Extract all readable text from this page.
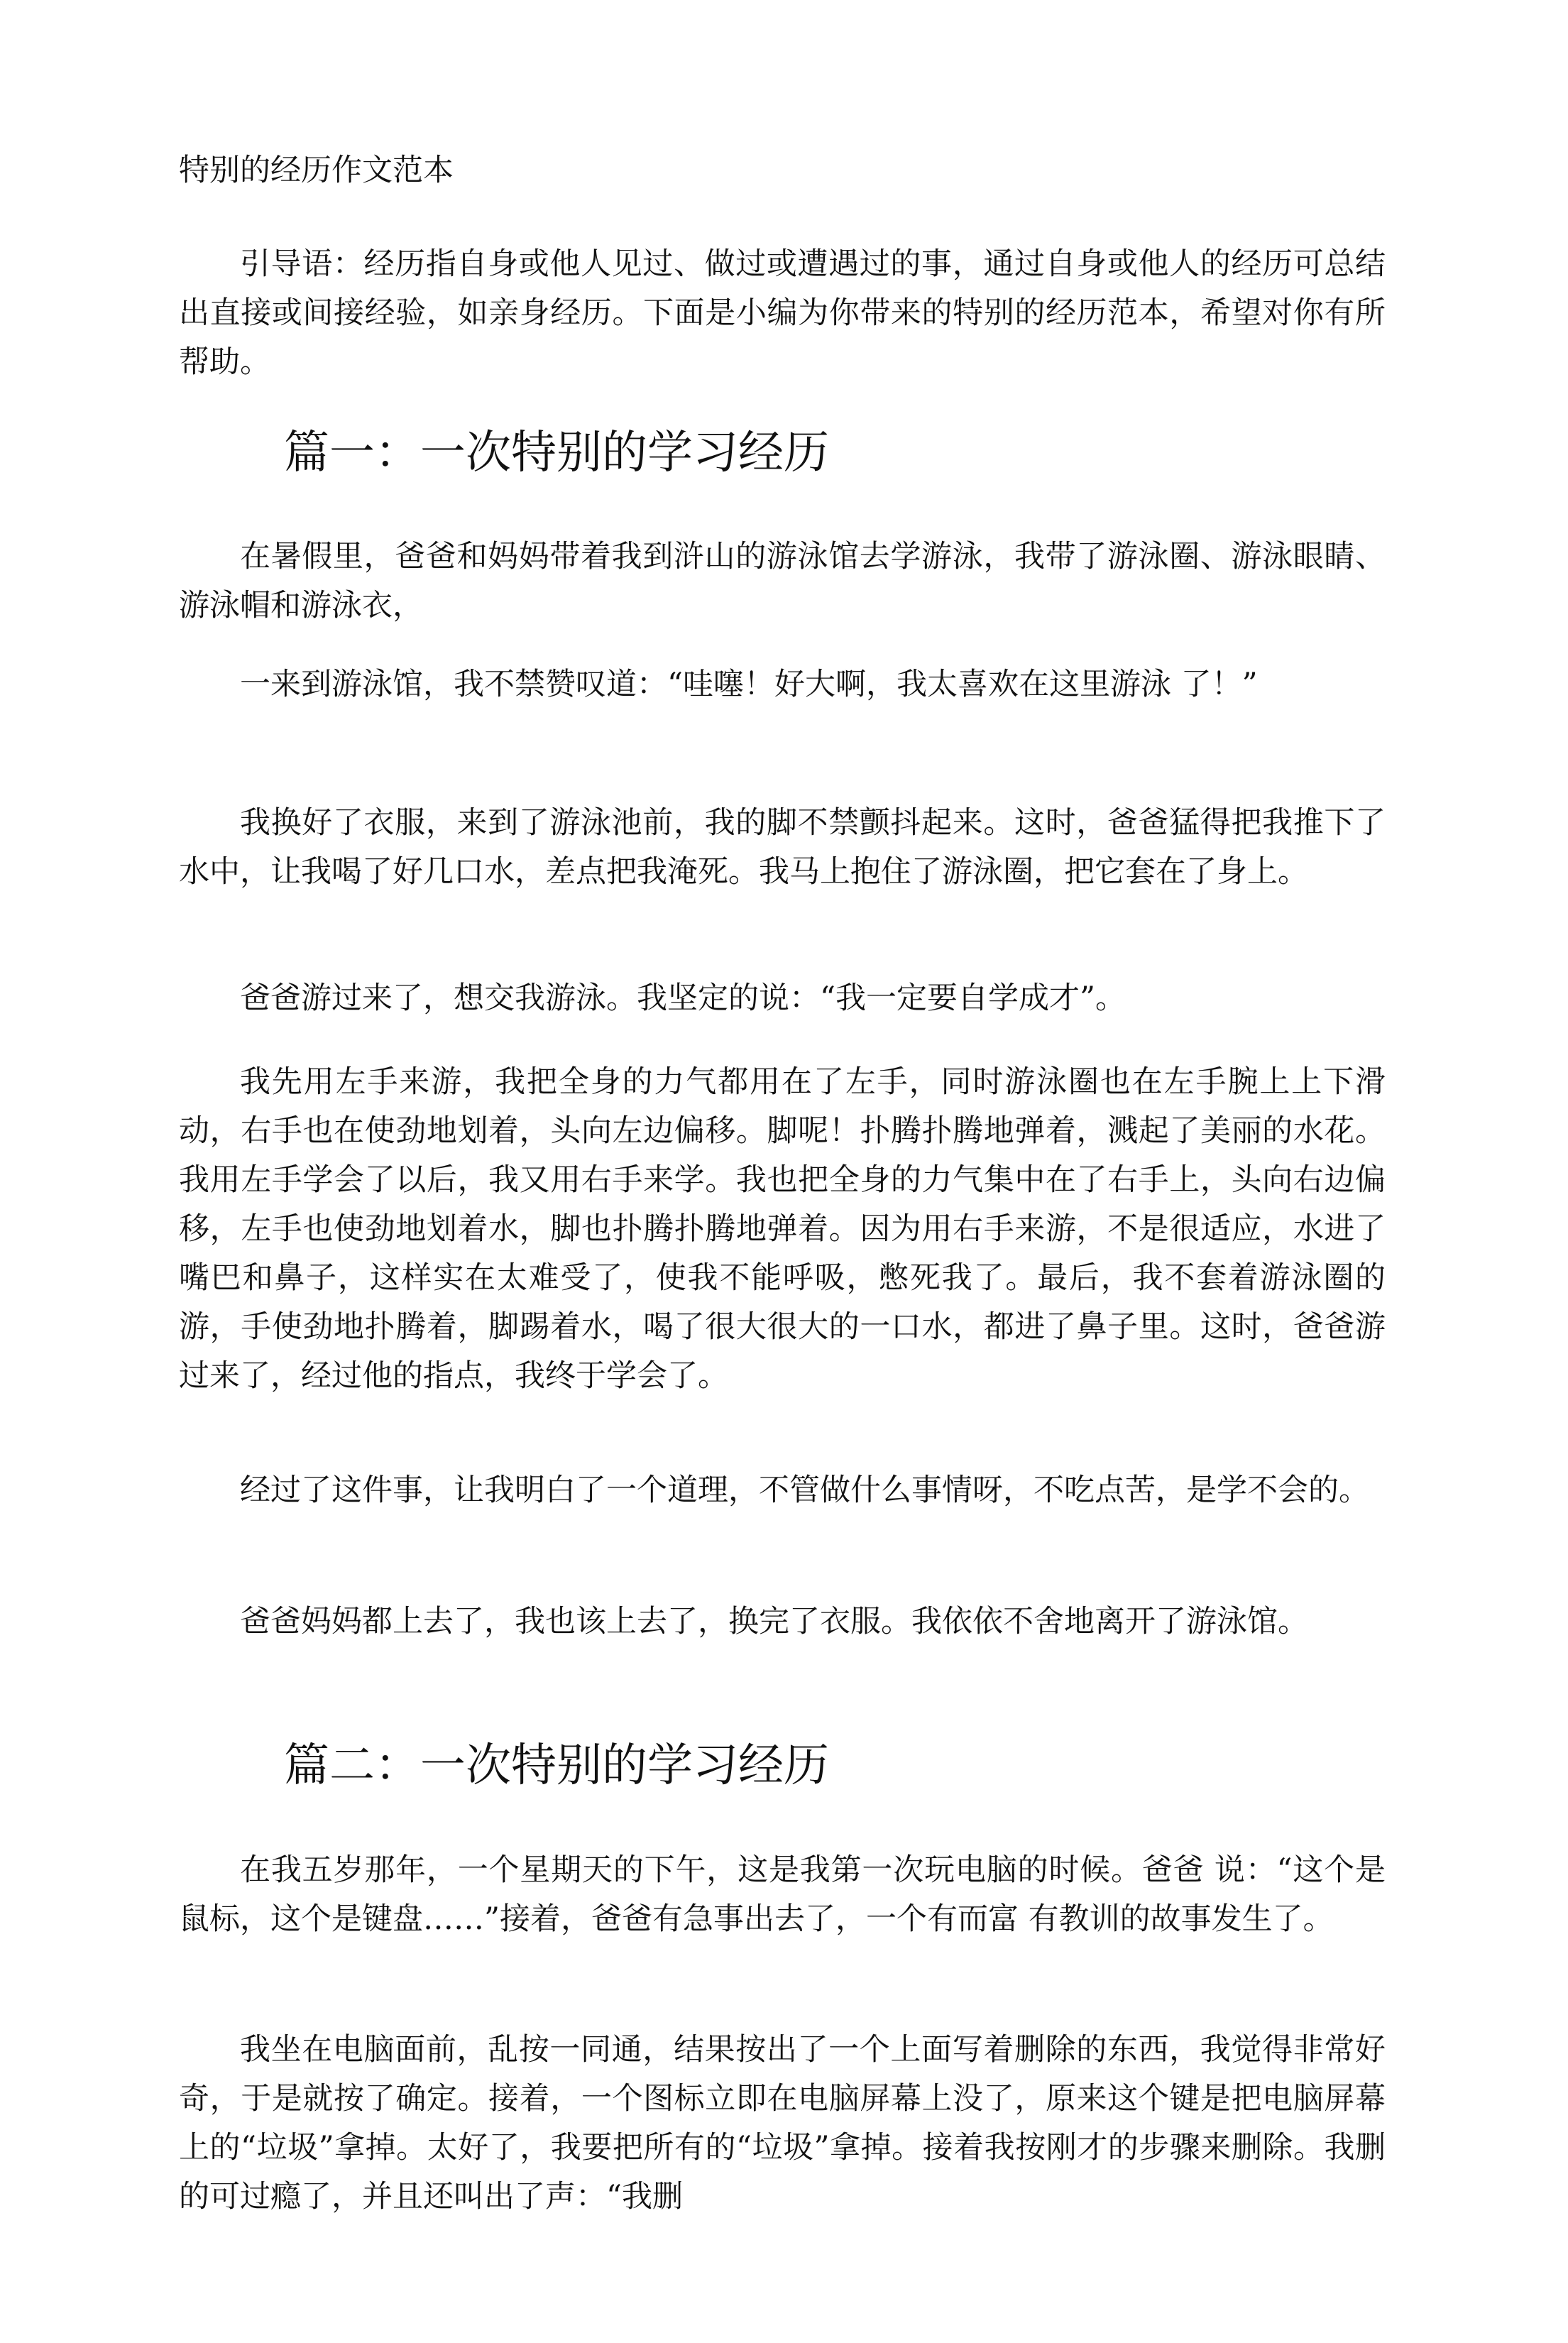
特别的经历作文范本

引导语：经历指自身或他人见过、做过或遭遇过的事，通过自身或他人的经历可总结出直接或间接经验，如亲身经历。下面是小编为你带来的特别的经历范本，希望对你有所帮助。

篇一：一次特别的学习经历

在暑假里，爸爸和妈妈带着我到浒山的游泳馆去学游泳，我带了游泳圈、游泳眼睛、游泳帽和游泳衣，

一来到游泳馆，我不禁赞叹道：“哇噻！好大啊，我太喜欢在这里游泳 了！”

我换好了衣服，来到了游泳池前，我的脚不禁颤抖起来。这时，爸爸猛得把我推下了水中，让我喝了好几口水，差点把我淹死。我马上抱住了游泳圈，把它套在了身上。

爸爸游过来了，想交我游泳。我坚定的说：“我一定要自学成才”。

我先用左手来游，我把全身的力气都用在了左手，同时游泳圈也在左手腕上上下滑动，右手也在使劲地划着，头向左边偏移。脚呢！扑腾扑腾地弹着，溅起了美丽的水花。我用左手学会了以后，我又用右手来学。我也把全身的力气集中在了右手上，头向右边偏移，左手也使劲地划着水，脚也扑腾扑腾地弹着。因为用右手来游，不是很适应，水进了嘴巴和鼻子，这样实在太难受了，使我不能呼吸，憋死我了。最后，我不套着游泳圈的游，手使劲地扑腾着，脚踢着水，喝了很大很大的一口水，都进了鼻子里。这时，爸爸游过来了，经过他的指点，我终于学会了。

经过了这件事，让我明白了一个道理，不管做什么事情呀，不吃点苦，是学不会的。

爸爸妈妈都上去了，我也该上去了，换完了衣服。我依依不舍地离开了游泳馆。

篇二：一次特别的学习经历

在我五岁那年，一个星期天的下午，这是我第一次玩电脑的时候。爸爸 说：“这个是鼠标，这个是键盘……”接着，爸爸有急事出去了，一个有而富 有教训的故事发生了。

我坐在电脑面前，乱按一同通，结果按出了一个上面写着删除的东西，我觉得非常好奇，于是就按了确定。接着，一个图标立即在电脑屏幕上没了，原来这个键是把电脑屏幕上的“垃圾”拿掉。太好了，我要把所有的“垃圾”拿掉。接着我按刚才的步骤来删除。我删的可过瘾了，并且还叫出了声：“我删
